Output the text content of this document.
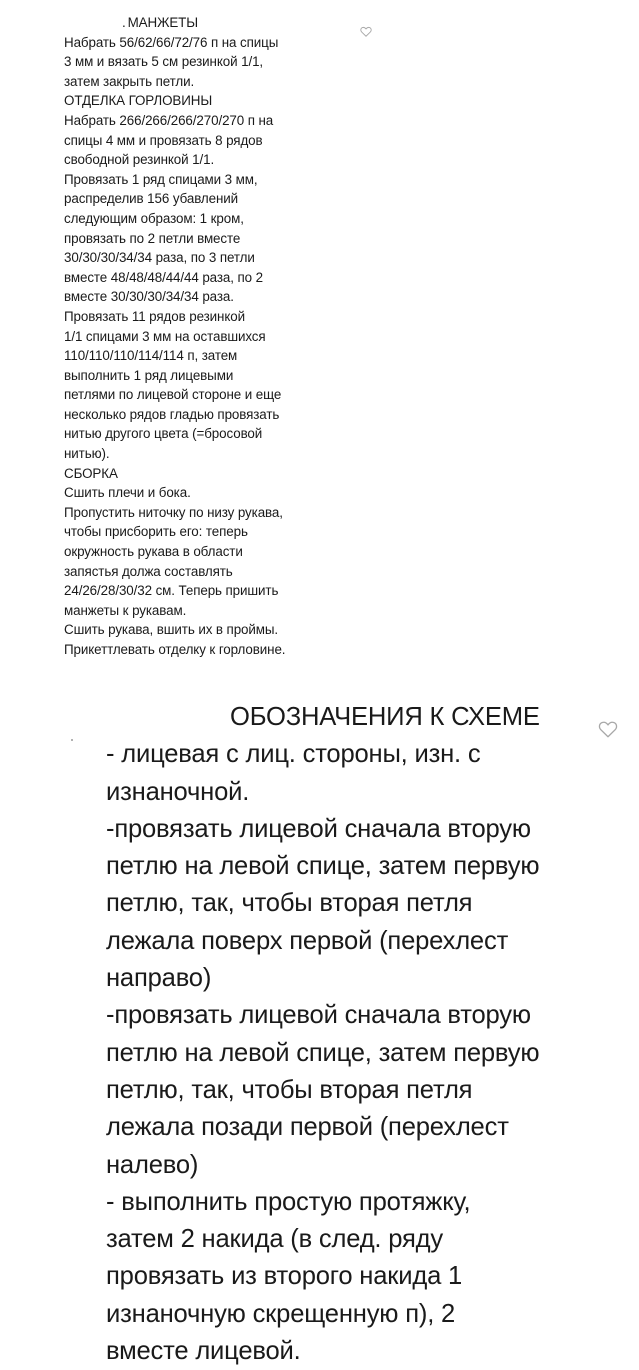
. МАНЖЕТЫ
Набрать 56/62/66/72/76 п на спицы
3 мм и вязать 5 см резинкой 1/1,
затем закрыть петли.
ОТДЕЛКА ГОРЛОВИНЫ
Набрать 266/266/266/270/270 п на
спицы 4 мм и провязать 8 рядов
свободной резинкой 1/1.
Провязать 1 ряд спицами 3 мм,
распределив 156 убавлений
следующим образом: 1 кром,
провязать по 2 петли вместе
30/30/30/34/34 раза, по 3 петли
вместе 48/48/48/44/44 раза, по 2
вместе 30/30/30/34/34 раза.
Провязать 11 рядов резинкой
1/1 спицами 3 мм на оставшихся
110/110/110/114/114 п, затем
выполнить 1 ряд лицевыми
петлями по лицевой стороне и еще
несколько рядов гладью провязать
нитью другого цвета (=бросовой
нитью).
СБОРКА
Сшить плечи и бока.
Пропустить ниточку по низу рукава,
чтобы присборить его: теперь
окружность рукава в области
запястья должа составлять
24/26/28/30/32 см. Теперь пришить
манжеты к рукавам.
Сшить рукава, вшить их в проймы.
Прикеттлевать отделку к горловине.
ОБОЗНАЧЕНИЯ К СХЕМЕ
- лицевая с лиц. стороны, изн. с
изнаночной.
-провязать лицевой сначала вторую
петлю на левой спице, затем первую
петлю, так, чтобы вторая петля
лежала поверх первой (перехлест
направо)
-провязать лицевой сначала вторую
петлю на левой спице, затем первую
петлю, так, чтобы вторая петля
лежала позади первой (перехлест
налево)
- выполнить простую протяжку,
затем 2 накида (в след. ряду
провязать из второго накида 1
изнаночную скрещенную п), 2
вместе лицевой.
